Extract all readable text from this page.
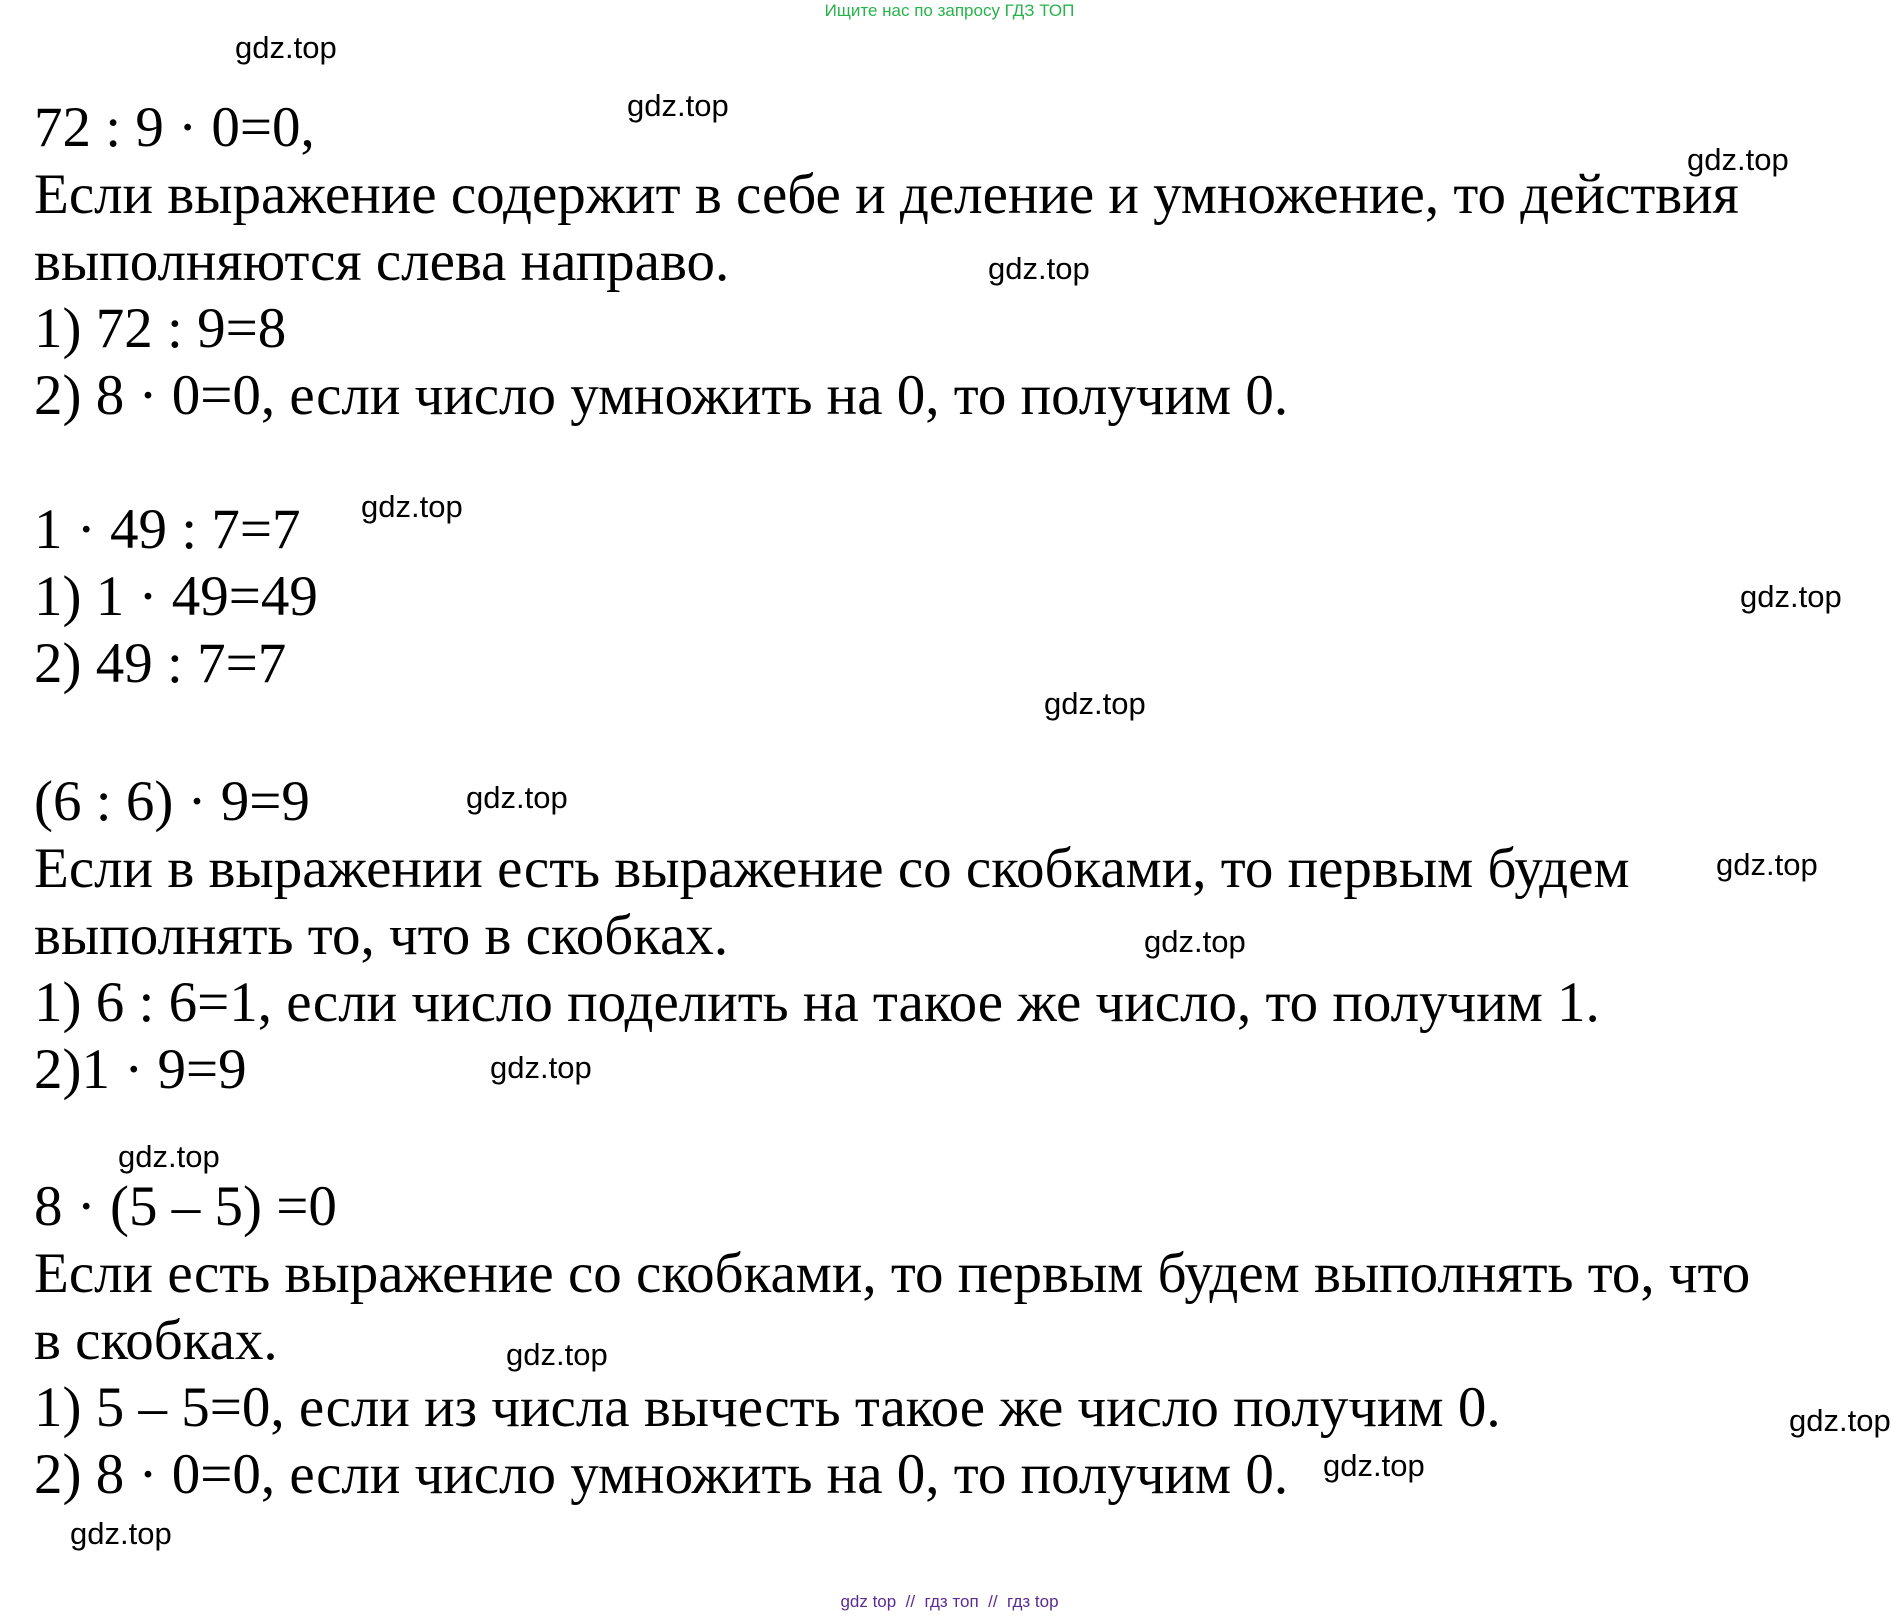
Ищите нас по запросу ГДЗ ТОП
72 : 9 · 0=0,
Если выражение содержит в себе и деление и умножение, то действия
выполняются слева направо.
1) 72 : 9=8
2) 8 · 0=0, если число умножить на 0, то получим 0.
1 · 49 : 7=7
1) 1 · 49=49
2) 49 : 7=7
(6 : 6) · 9=9
Если в выражении есть выражение со скобками, то первым будем
выполнять то, что в скобках.
1) 6 : 6=1, если число поделить на такое же число, то получим 1.
2)1 · 9=9
8 · (5 – 5) =0
Если есть выражение со скобками, то первым будем выполнять то, что
в скобках.
1) 5 – 5=0, если из числа вычесть такое же число получим 0.
2) 8 · 0=0, если число умножить на 0, то получим 0.
gdz.top
gdz.top
gdz.top
gdz.top
gdz.top
gdz.top
gdz.top
gdz.top
gdz.top
gdz.top
gdz.top
gdz.top
gdz.top
gdz.top
gdz.top
gdz.top
gdz top  //  гдз топ  //  гдз top
